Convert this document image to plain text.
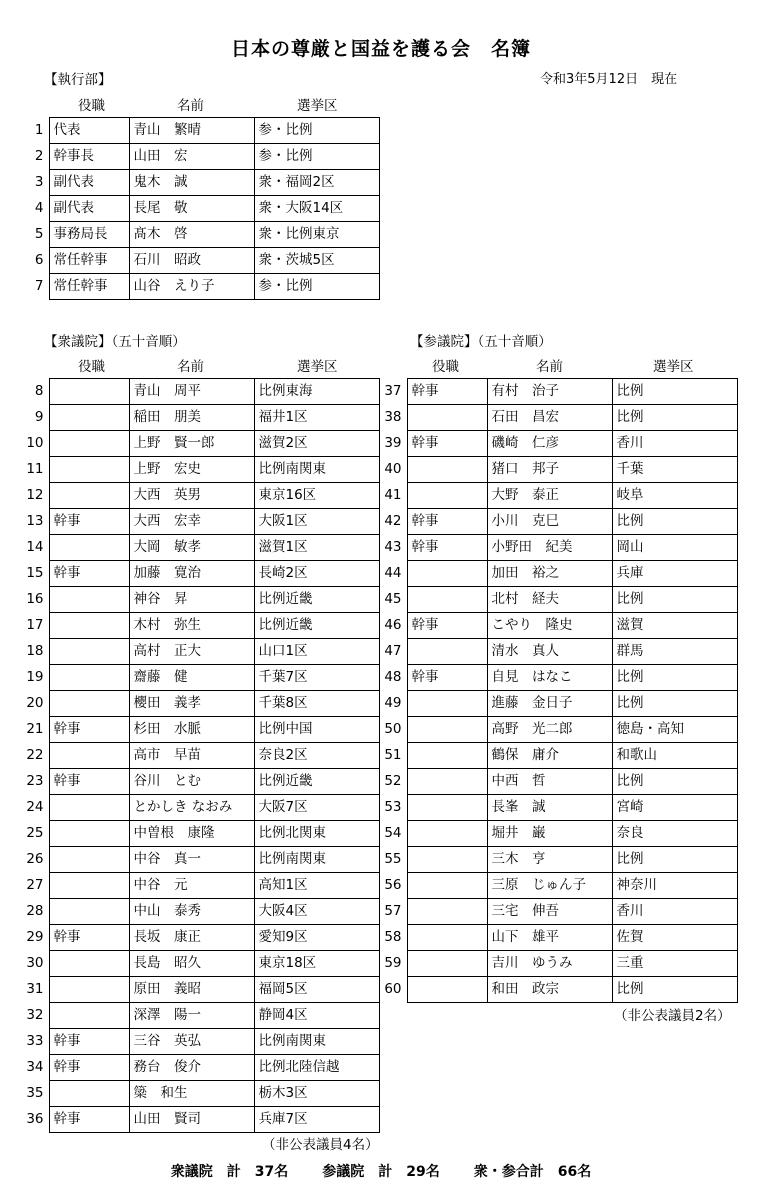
日本の尊厳と国益を護る会　名簿
令和3年5月12日　現在
【執行部】
役職	名前	選挙区
1	代表	青山　繁晴	参・比例
2	幹事長	山田　宏	参・比例
3	副代表	鬼木　誠	衆・福岡2区
4	副代表	長尾　敬	衆・大阪14区
5	事務局長	髙木　啓	衆・比例東京
6	常任幹事	石川　昭政	衆・茨城5区
7	常任幹事	山谷　えり子	参・比例
【衆議院】（五十音順）
役職	名前	選挙区
8		青山　周平	比例東海
9		稲田　朋美	福井1区
10		上野　賢一郎	滋賀2区
11		上野　宏史	比例南関東
12		大西　英男	東京16区
13	幹事	大西　宏幸	大阪1区
14		大岡　敏孝	滋賀1区
15	幹事	加藤　寛治	長崎2区
16		神谷　昇	比例近畿
17		木村　弥生	比例近畿
18		高村　正大	山口1区
19		齋藤　健	千葉7区
20		櫻田　義孝	千葉8区
21	幹事	杉田　水脈	比例中国
22		高市　早苗	奈良2区
23	幹事	谷川　とむ	比例近畿
24		とかしき なおみ	大阪7区
25		中曽根　康隆	比例北関東
26		中谷　真一	比例南関東
27		中谷　元	高知1区
28		中山　泰秀	大阪4区
29	幹事	長坂　康正	愛知9区
30		長島　昭久	東京18区
31		原田　義昭	福岡5区
32		深澤　陽一	静岡4区
33	幹事	三谷　英弘	比例南関東
34	幹事	務台　俊介	比例北陸信越
35		簗　和生	栃木3区
36	幹事	山田　賢司	兵庫7区
（非公表議員4名）
【参議院】（五十音順）
役職	名前	選挙区
37	幹事	有村　治子	比例
38		石田　昌宏	比例
39	幹事	磯崎　仁彦	香川
40		猪口　邦子	千葉
41		大野　泰正	岐阜
42	幹事	小川　克巳	比例
43	幹事	小野田　紀美	岡山
44		加田　裕之	兵庫
45		北村　経夫	比例
46	幹事	こやり　隆史	滋賀
47		清水　真人	群馬
48	幹事	自見　はなこ	比例
49		進藤　金日子	比例
50		高野　光二郎	徳島・高知
51		鶴保　庸介	和歌山
52		中西　哲	比例
53		長峯　誠	宮崎
54		堀井　巌	奈良
55		三木　亨	比例
56		三原　じゅん子	神奈川
57		三宅　伸吾	香川
58		山下　雄平	佐賀
59		吉川　ゆうみ	三重
60		和田　政宗	比例
（非公表議員2名）
衆議院　計　37名 参議院　計　29名 衆・参合計　66名
